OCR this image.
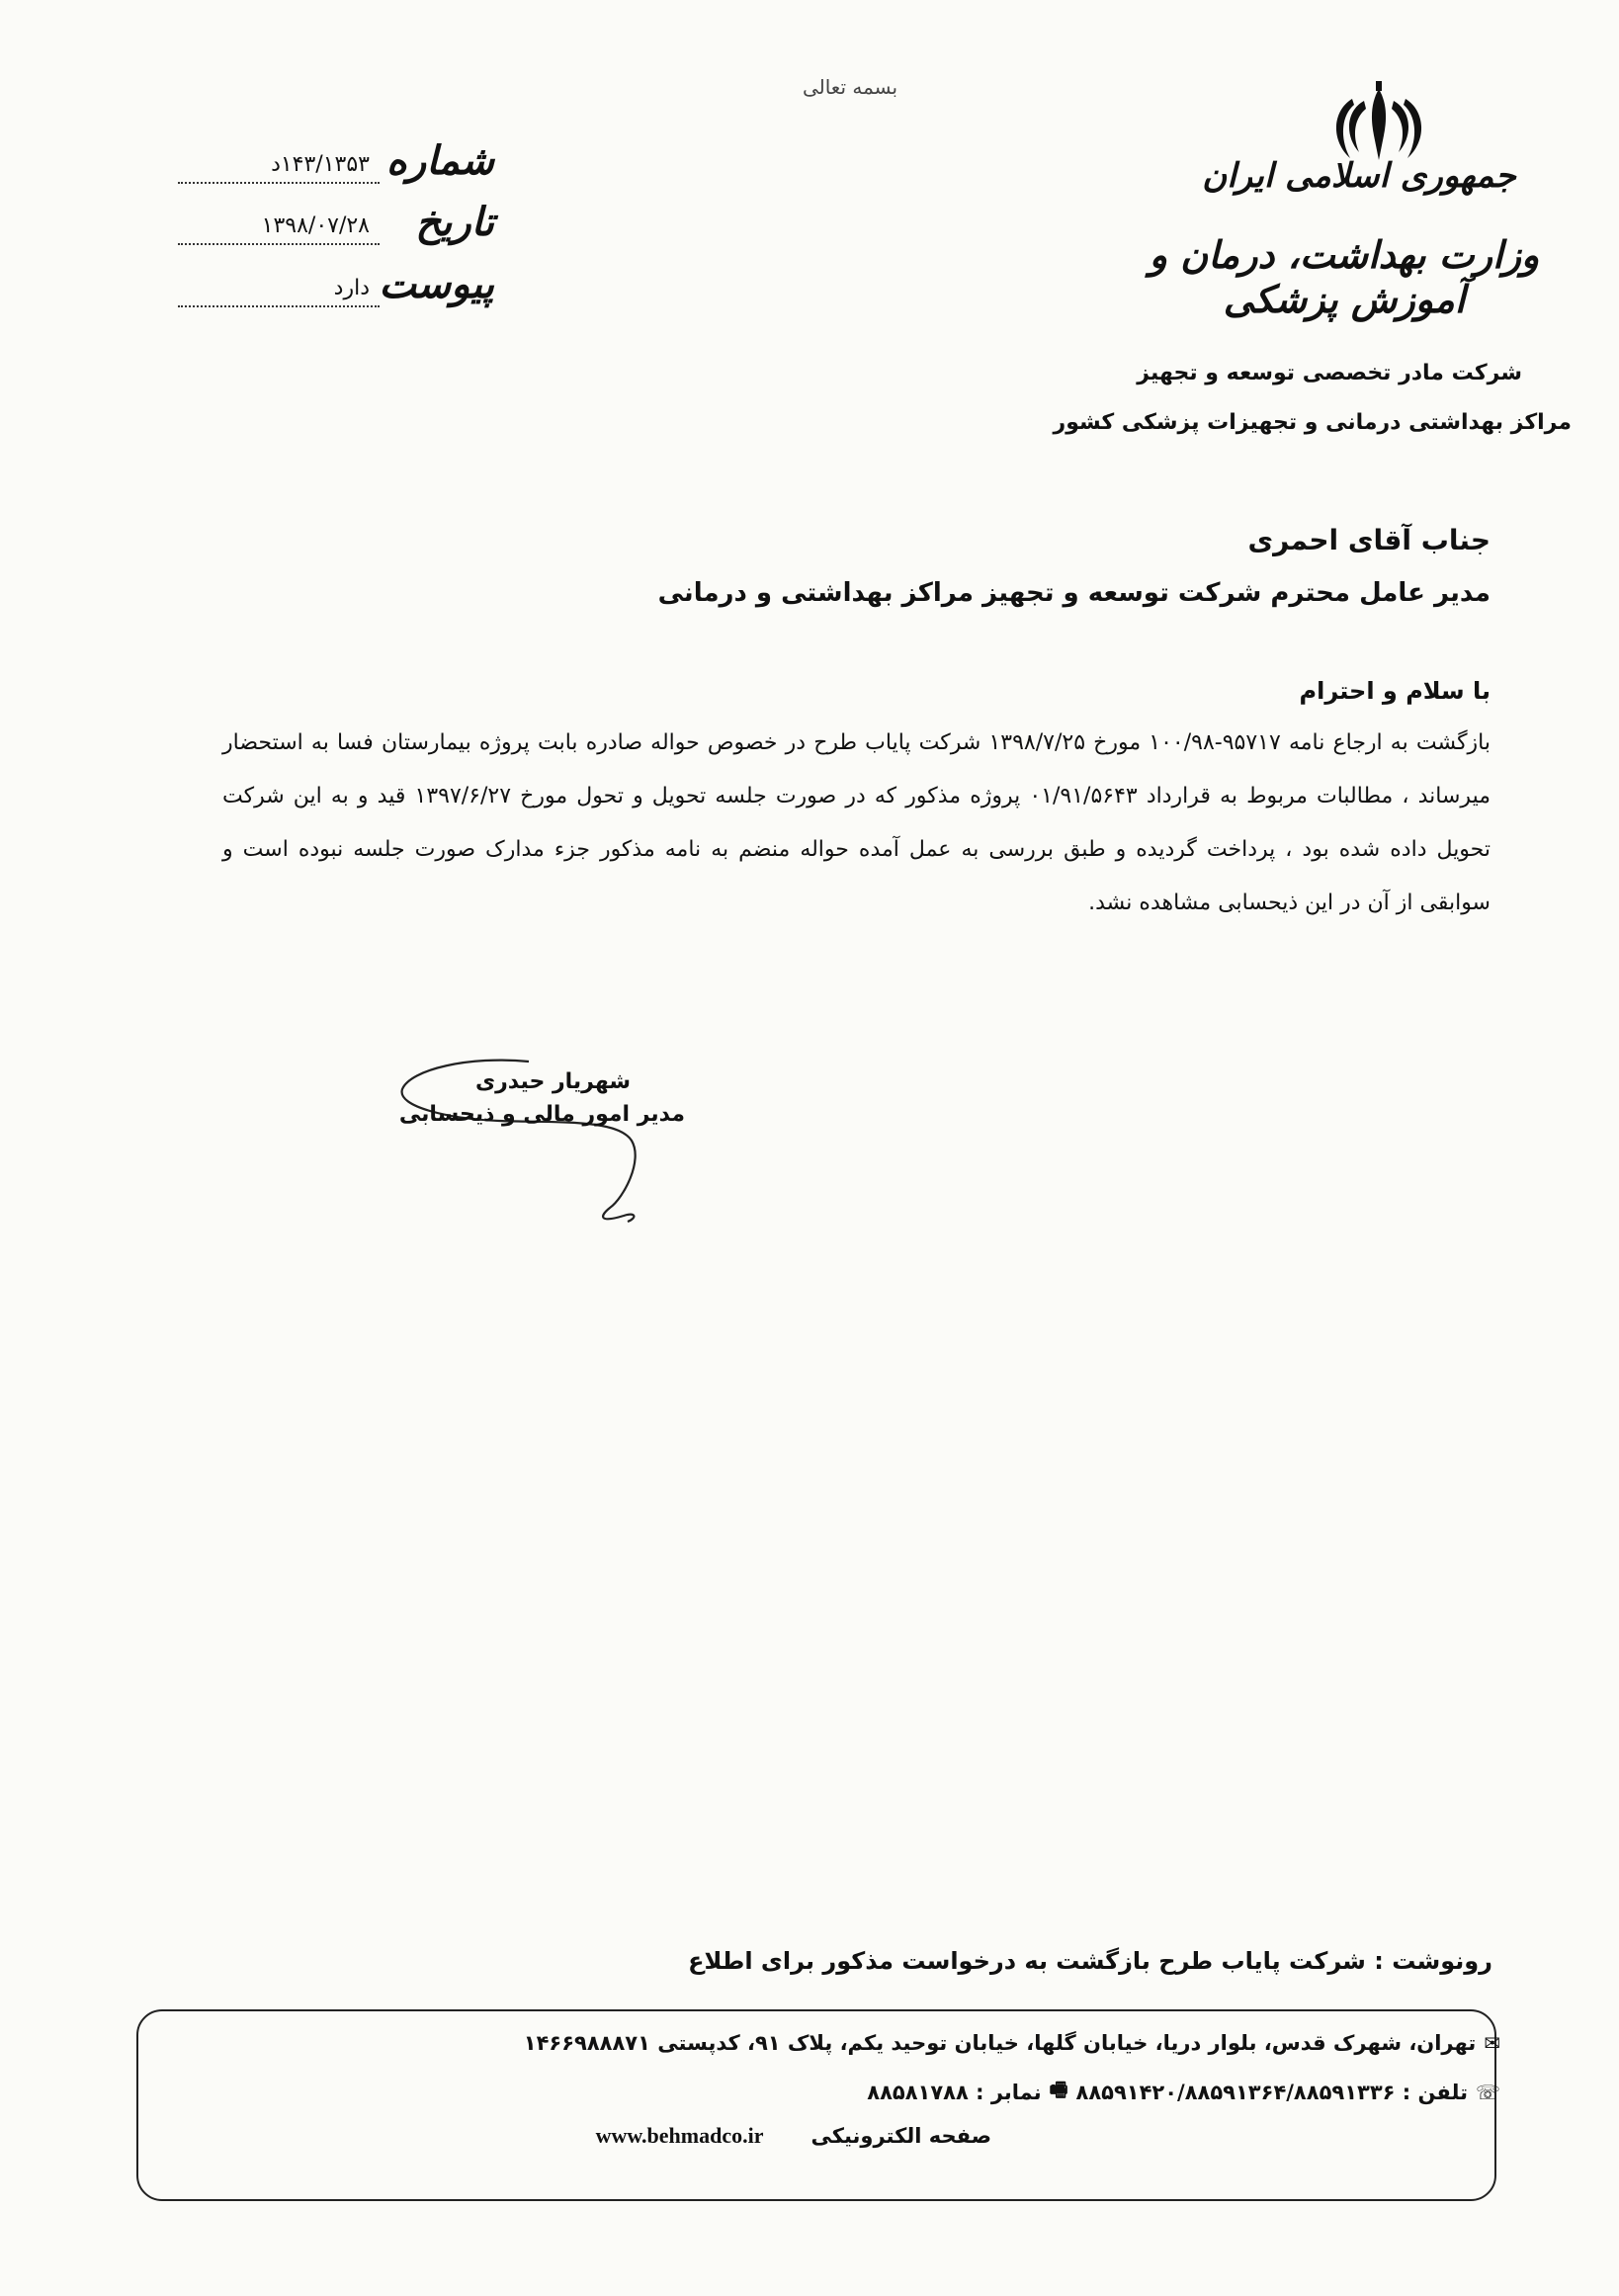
بسمه تعالی
جمهوری اسلامی ایران
وزارت بهداشت، درمان و آموزش پزشکی
شماره
۱۴۳/۱۳۵۳د
تاریخ
۱۳۹۸/۰۷/۲۸
پیوست
دارد
شرکت مادر تخصصی توسعه و تجهیز
مراکز بهداشتی درمانی و تجهیزات پزشکی کشور
جناب آقای احمری
مدیر عامل محترم شرکت توسعه و تجهیز مراکز بهداشتی و درمانی
با سلام و احترام
بازگشت به ارجاع نامه ۹۵۷۱۷-۱۰۰/۹۸ مورخ ۱۳۹۸/۷/۲۵ شرکت پایاب طرح در خصوص حواله صادره بابت پروژه بیمارستان فسا به استحضار میرساند ، مطالبات مربوط به قرارداد ۰۱/۹۱/۵۶۴۳ پروژه مذکور که در صورت جلسه تحویل و تحول مورخ ۱۳۹۷/۶/۲۷ قید و به این شرکت تحویل داده شده بود ، پرداخت گردیده و طبق بررسی به عمل آمده حواله منضم به نامه مذکور جزء مدارک صورت جلسه نبوده است و سوابقی از آن در این ذیحسابی مشاهده نشد.
شهریار حیدری
مدیر امور مالی و ذیحسابی
رونوشت : شرکت پایاب طرح بازگشت به درخواست مذکور برای اطلاع
تهران، شهرک قدس، بلوار دریا، خیابان گلها، خیابان توحید یکم، پلاک ۹۱، کدپستی ۱۴۶۶۹۸۸۸۷۱ ✉
نمابر : ۸۸۵۸۱۷۸۸ 🖷 تلفن : ۸۸۵۹۱۴۲۰/۸۸۵۹۱۳۶۴/۸۸۵۹۱۳۳۶ ☏
www.behmadco.ir صفحه الکترونیکی
